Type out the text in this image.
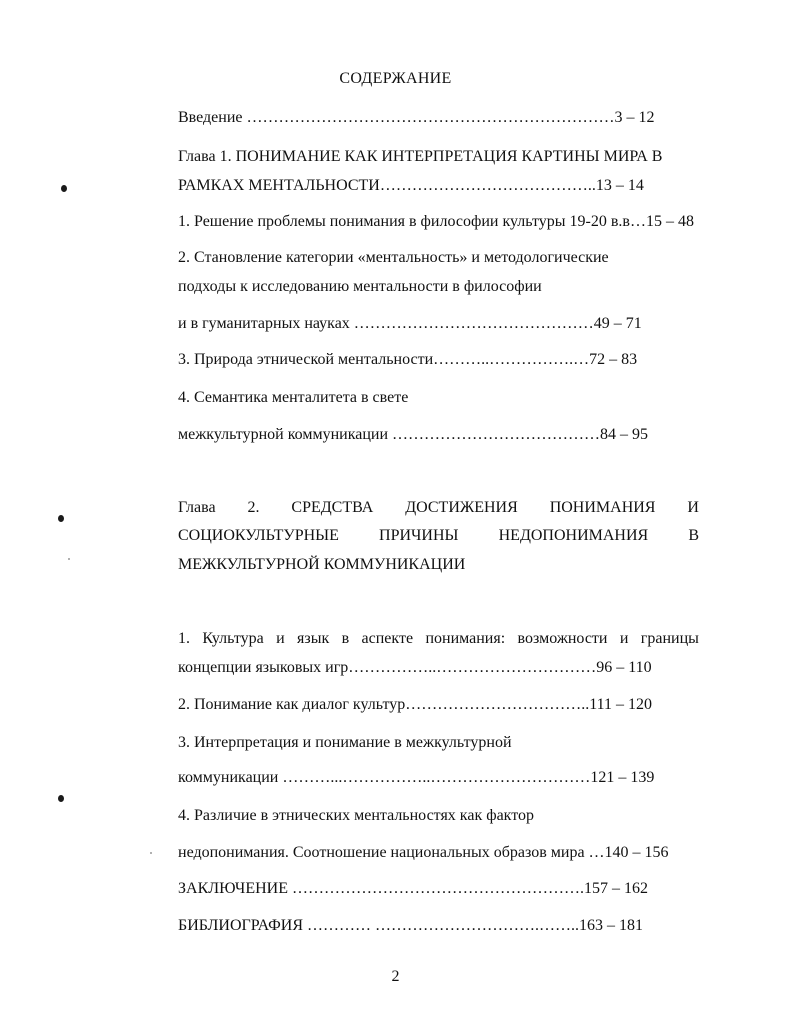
СОДЕРЖАНИЕ
Введение ……………………………………………………………3 – 12
Глава 1. ПОНИМАНИЕ КАК ИНТЕРПРЕТАЦИЯ КАРТИНЫ МИРА В
РАМКАХ МЕНТАЛЬНОСТИ…………………………………..13 – 14
1. Решение проблемы понимания в философии культуры 19-20 в.в…15 – 48
2. Становление категории «ментальность» и методологические
подходы к исследованию ментальности в философии
и в гуманитарных науках ………………………………………49 – 71
3. Природа этнической ментальности………..…………….…72 – 83
4. Семантика менталитета в свете
межкультурной коммуникации …………………………………84 – 95
Глава 2. СРЕДСТВА ДОСТИЖЕНИЯ ПОНИМАНИЯ И
СОЦИОКУЛЬТУРНЫЕ	ПРИЧИНЫ	НЕДОПОНИМАНИЯ	В
МЕЖКУЛЬТУРНОЙ КОММУНИКАЦИИ
1. Культура и язык в аспекте понимания: возможности и границы
концепции языковых игр……………..…………………………96 – 110
2. Понимание как диалог культур……………………………..111 – 120
3. Интерпретация и понимание в межкультурной
коммуникации ………...……………..…………………………121 – 139
4. Различие в этнических ментальностях как фактор
недопонимания. Соотношение национальных образов мира …140 – 156
ЗАКЛЮЧЕНИЕ ……………………………………………….157 – 162
БИБЛИОГРАФИЯ ………… ………………………….……..163 – 181
2
